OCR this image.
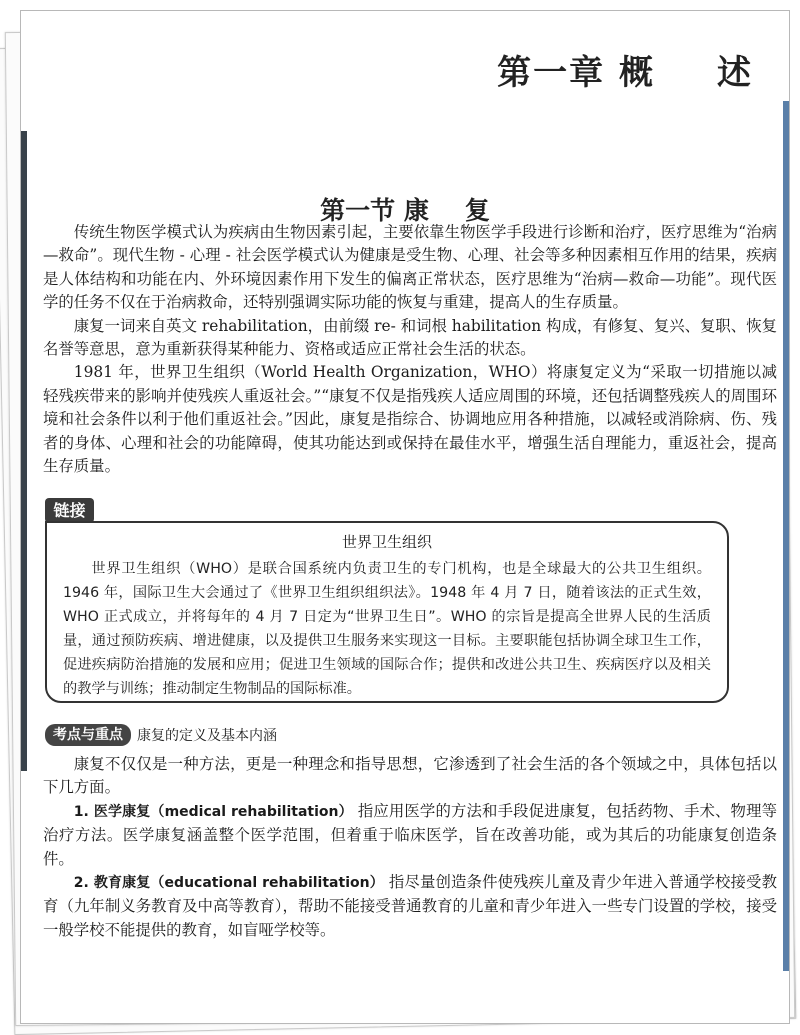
第一章 概 述
第一节 康 复

传统生物医学模式认为疾病由生物因素引起，主要依靠生物医学手段进行诊断和治疗，医疗思维为“治病—救命”。现代生物 - 心理 - 社会医学模式认为健康是受生物、心理、社会等多种因素相互作用的结果，疾病是人体结构和功能在内、外环境因素作用下发生的偏离正常状态，医疗思维为“治病—救命—功能”。现代医学的任务不仅在于治病救命，还特别强调实际功能的恢复与重建，提高人的生存质量。

康复一词来自英文 rehabilitation，由前缀 re- 和词根 habilitation 构成，有修复、复兴、复职、恢复名誉等意思，意为重新获得某种能力、资格或适应正常社会生活的状态。

1981 年，世界卫生组织（World Health Organization，WHO）将康复定义为“采取一切措施以减轻残疾带来的影响并使残疾人重返社会。”“康复不仅是指残疾人适应周围的环境，还包括调整残疾人的周围环境和社会条件以利于他们重返社会。”因此，康复是指综合、协调地应用各种措施，以减轻或消除病、伤、残者的身体、心理和社会的功能障碍，使其功能达到或保持在最佳水平，增强生活自理能力，重返社会，提高生存质量。

链接
世界卫生组织

世界卫生组织（WHO）是联合国系统内负责卫生的专门机构，也是全球最大的公共卫生组织。1946 年，国际卫生大会通过了《世界卫生组织组织法》。1948 年 4 月 7 日，随着该法的正式生效，WHO 正式成立，并将每年的 4 月 7 日定为“世界卫生日”。WHO 的宗旨是提高全世界人民的生活质量，通过预防疾病、增进健康，以及提供卫生服务来实现这一目标。主要职能包括协调全球卫生工作，促进疾病防治措施的发展和应用；促进卫生领域的国际合作；提供和改进公共卫生、疾病医疗以及相关的教学与训练；推动制定生物制品的国际标准。

考点与重点	康复的定义及基本内涵

康复不仅仅是一种方法，更是一种理念和指导思想，它渗透到了社会生活的各个领域之中，具体包括以下几方面。

1. 医学康复（medical rehabilitation） 指应用医学的方法和手段促进康复，包括药物、手术、物理等治疗方法。医学康复涵盖整个医学范围，但着重于临床医学，旨在改善功能，或为其后的功能康复创造条件。

2. 教育康复（educational rehabilitation） 指尽量创造条件使残疾儿童及青少年进入普通学校接受教育（九年制义务教育及中高等教育），帮助不能接受普通教育的儿童和青少年进入一些专门设置的学校，接受一般学校不能提供的教育，如盲哑学校等。
